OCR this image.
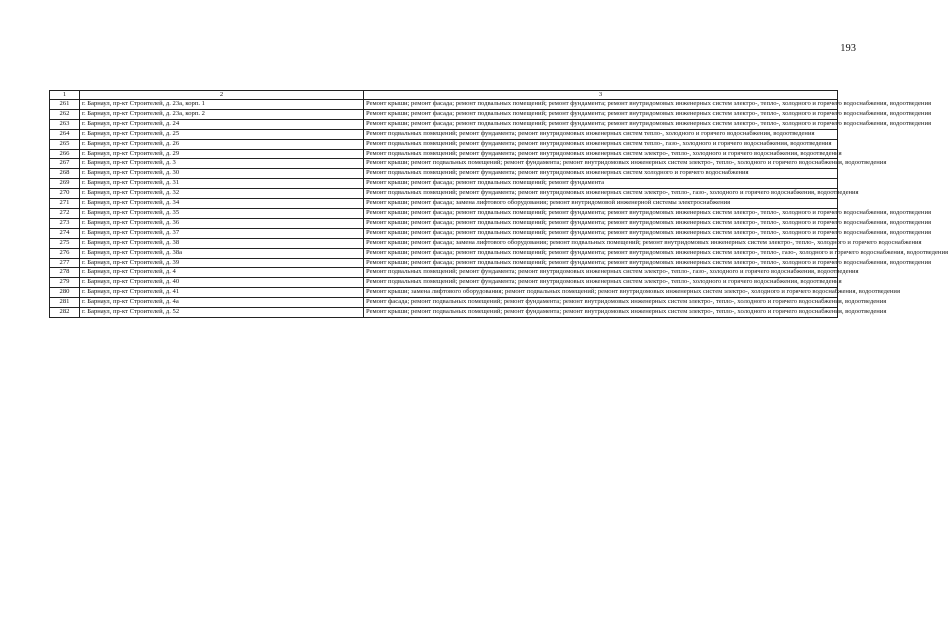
193
1	2	3
261	г. Барнаул, пр-кт Строителей, д. 23а, корп. 1	Ремонт крыши; ремонт фасада; ремонт подвальных помещений; ремонт фундамента; ремонт внутридомовых инженерных систем электро-, тепло-, холодного и горячего водоснабжения, водоотведения
262	г. Барнаул, пр-кт Строителей, д. 23а, корп. 2	Ремонт крыши; ремонт фасада; ремонт подвальных помещений; ремонт фундамента; ремонт внутридомовых инженерных систем электро-, тепло-, холодного и горячего водоснабжения, водоотведения
263	г. Барнаул, пр-кт Строителей, д. 24	Ремонт крыши; ремонт фасада; ремонт подвальных помещений; ремонт фундамента; ремонт внутридомовых инженерных систем электро-, тепло-, холодного и горячего водоснабжения, водоотведения
264	г. Барнаул, пр-кт Строителей, д. 25	Ремонт подвальных помещений; ремонт фундамента; ремонт внутридомовых инженерных систем тепло-, холодного и горячего водоснабжения, водоотведения
265	г. Барнаул, пр-кт Строителей, д. 26	Ремонт подвальных помещений; ремонт фундамента; ремонт внутридомовых инженерных систем тепло-, газо-, холодного и горячего водоснабжения, водоотведения
266	г. Барнаул, пр-кт Строителей, д. 29	Ремонт подвальных помещений; ремонт фундамента; ремонт внутридомовых инженерных систем электро-, тепло-, холодного и горячего водоснабжения, водоотведения
267	г. Барнаул, пр-кт Строителей, д. 3	Ремонт крыши; ремонт подвальных помещений; ремонт фундамента; ремонт внутридомовых инженерных систем электро-, тепло-, холодного и горячего водоснабжения, водоотведения
268	г. Барнаул, пр-кт Строителей, д. 30	Ремонт подвальных помещений; ремонт фундамента; ремонт внутридомовых инженерных систем холодного и горячего водоснабжения
269	г. Барнаул, пр-кт Строителей, д. 31	Ремонт крыши; ремонт фасада; ремонт подвальных помещений; ремонт фундамента
270	г. Барнаул, пр-кт Строителей, д. 32	Ремонт подвальных помещений; ремонт фундамента; ремонт внутридомовых инженерных систем электро-, тепло-, газо-, холодного и горячего водоснабжения, водоотведения
271	г. Барнаул, пр-кт Строителей, д. 34	Ремонт крыши; ремонт фасада; замена лифтового оборудования; ремонт внутридомовой инженерной системы электроснабжения
272	г. Барнаул, пр-кт Строителей, д. 35	Ремонт крыши; ремонт фасада; ремонт подвальных помещений; ремонт фундамента; ремонт внутридомовых инженерных систем электро-, тепло-, холодного и горячего водоснабжения, водоотведения
273	г. Барнаул, пр-кт Строителей, д. 36	Ремонт крыши; ремонт фасада; ремонт подвальных помещений; ремонт фундамента; ремонт внутридомовых инженерных систем электро-, тепло-, холодного и горячего водоснабжения, водоотведения
274	г. Барнаул, пр-кт Строителей, д. 37	Ремонт крыши; ремонт фасада; ремонт подвальных помещений; ремонт фундамента; ремонт внутридомовых инженерных систем электро-, тепло-, холодного и горячего водоснабжения, водоотведения
275	г. Барнаул, пр-кт Строителей, д. 38	Ремонт крыши; ремонт фасада; замена лифтового оборудования; ремонт подвальных помещений; ремонт внутридомовых инженерных систем электро-, тепло-, холодного и горячего водоснабжения
276	г. Барнаул, пр-кт Строителей, д. 38а	Ремонт крыши; ремонт фасада; ремонт подвальных помещений; ремонт фундамента; ремонт внутридомовых инженерных систем электро-, тепло-, газо-, холодного и горячего водоснабжения, водоотведения
277	г. Барнаул, пр-кт Строителей, д. 39	Ремонт крыши; ремонт фасада; ремонт подвальных помещений; ремонт фундамента; ремонт внутридомовых инженерных систем электро-, тепло-, холодного и горячего водоснабжения, водоотведения
278	г. Барнаул, пр-кт Строителей, д. 4	Ремонт подвальных помещений; ремонт фундамента; ремонт внутридомовых инженерных систем электро-, тепло-, газо-, холодного и горячего водоснабжения, водоотведения
279	г. Барнаул, пр-кт Строителей, д. 40	Ремонт подвальных помещений; ремонт фундамента; ремонт внутридомовых инженерных систем электро-, тепло-, холодного и горячего водоснабжения, водоотведения
280	г. Барнаул, пр-кт Строителей, д. 41	Ремонт крыши; замена лифтового оборудования; ремонт подвальных помещений; ремонт внутридомовых инженерных систем электро-, холодного и горячего водоснабжения, водоотведения
281	г. Барнаул, пр-кт Строителей, д. 4а	Ремонт фасада; ремонт подвальных помещений; ремонт фундамента; ремонт внутридомовых инженерных систем электро-, тепло-, холодного и горячего водоснабжения, водоотведения
282	г. Барнаул, пр-кт Строителей, д. 52	Ремонт крыши; ремонт подвальных помещений; ремонт фундамента; ремонт внутридомовых инженерных систем электро-, тепло-, холодного и горячего водоснабжения, водоотведения
